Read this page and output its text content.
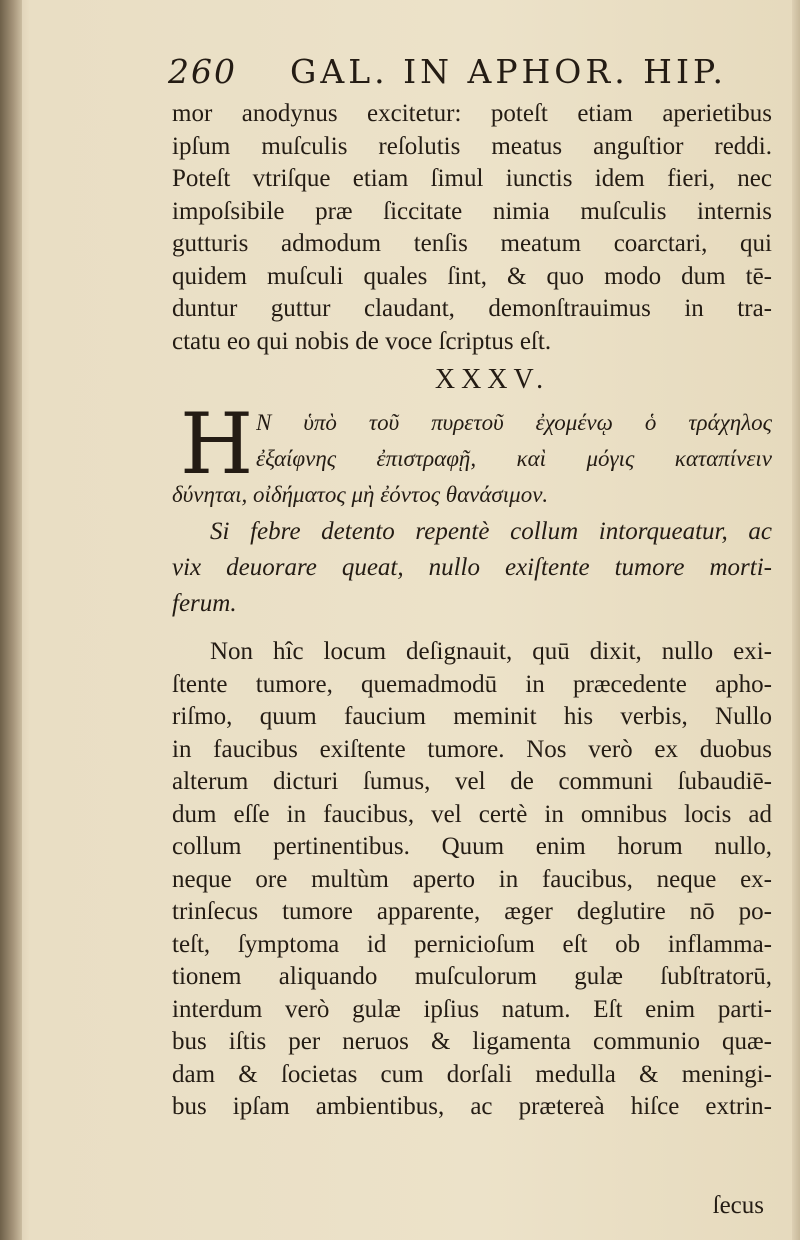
260 GAL. IN APHOR. HIP.
mor anodynus excitetur: poteſt etiam aperietibus
ipſum muſculis reſolutis meatus anguſtior reddi.
Poteſt vtriſque etiam ſimul iunctis idem fieri, nec
impoſsibile præ ſiccitate nimia muſculis internis
gutturis admodum tenſis meatum coarctari, qui
quidem muſculi quales ſint, & quo modo dum tē-
duntur guttur claudant, demonſtrauimus in tra-
ctatu eo qui nobis de voce ſcriptus eſt.
XXXV.
H Ν ὑπὸ τοῦ πυρετοῦ ἐχομένῳ ὁ τράχηλος
ἐξαίφνης ἐπιστραφῇ, καὶ μόγις καταπίνειν
δύνηται, οἰδήματος μὴ ἐόντος θανάσιμον.
Si febre detento repentè collum intorqueatur, ac
vix deuorare queat, nullo exiſtente tumore morti-
ferum.
Non hîc locum deſignauit, quū dixit, nullo exi-
ſtente tumore, quemadmodū in præcedente apho-
riſmo, quum faucium meminit his verbis, Nullo
in faucibus exiſtente tumore. Nos verò ex duobus
alterum dicturi ſumus, vel de communi ſubaudiē-
dum eſſe in faucibus, vel certè in omnibus locis ad
collum pertinentibus. Quum enim horum nullo,
neque ore multùm aperto in faucibus, neque ex-
trinſecus tumore apparente, æger deglutire nō po-
teſt, ſymptoma id pernicioſum eſt ob inflamma-
tionem aliquando muſculorum gulæ ſubſtratorū,
interdum verò gulæ ipſius natum. Eſt enim parti-
bus iſtis per neruos & ligamenta communio quæ-
dam & ſocietas cum dorſali medulla & meningi-
bus ipſam ambientibus, ac prætereà hiſce extrin-
ſecus
